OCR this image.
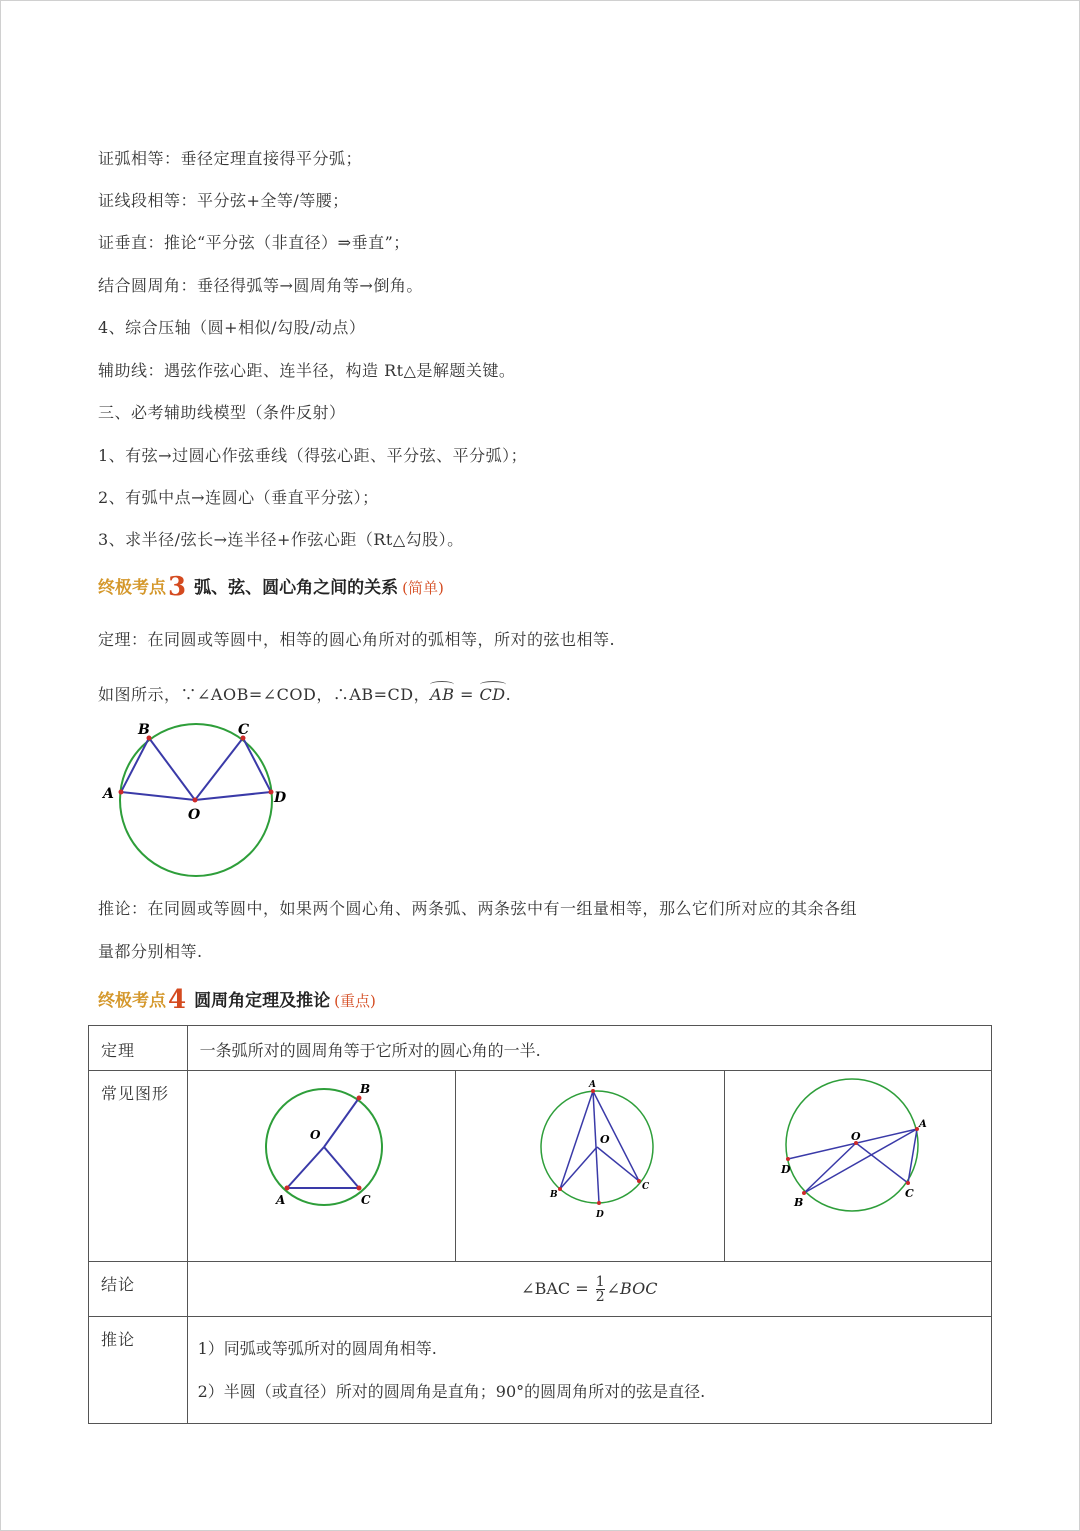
证弧相等：垂径定理直接得平分弧；
证线段相等：平分弦+全等/等腰；
证垂直：推论“平分弦（非直径）⇒垂直”；
结合圆周角：垂径得弧等→圆周角等→倒角。
4、综合压轴（圆+相似/勾股/动点）
辅助线：遇弦作弦心距、连半径，构造 Rt△是解题关键。
三、必考辅助线模型（条件反射）
1、有弦→过圆心作弦垂线（得弦心距、平分弦、平分弧）；
2、有弧中点→连圆心（垂直平分弦）；
3、求半径/弦长→连半径+作弦心距（Rt△勾股）。
终极考点3 弧、弦、圆心角之间的关系 (简单)
定理：在同圆或等圆中，相等的圆心角所对的弧相等，所对的弦也相等.
如图所示，∵∠AOB=∠COD，∴AB=CD，AB = CD.
A
B	C
D
O
推论：在同圆或等圆中，如果两个圆心角、两条弧、两条弦中有一组量相等，那么它们所对应的其余各组
量都分别相等.
终极考点4 圆周角定理及推论 (重点)
定理	一条弧所对的圆周角等于它所对的圆心角的一半.		
常见图形	B
O
A C	A
O
B
C
D	O
A
D
B
C

结论	∠BAC = $\frac{1}{2}$ ∠BOC		
推论	1）同弧或等弧所对的圆周角相等.
2）半圆（或直径）所对的圆周角是直角；90°的圆周角所对的弦是直径.		
